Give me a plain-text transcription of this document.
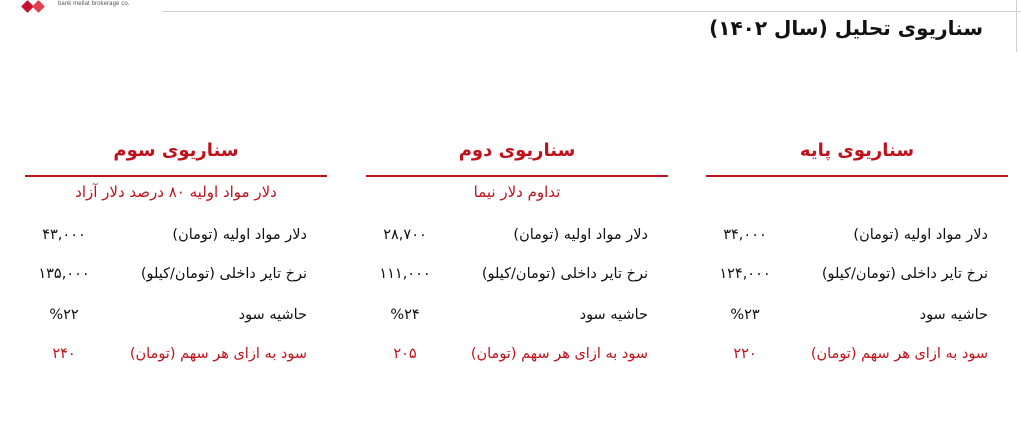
bank mellat brokerage co.
سناریوی تحلیل (سال ۱۴۰۲)
سناریوی پایه
دلار مواد اولیه (تومان)
۳۴,۰۰۰
نرخ تایر داخلی (تومان/کیلو)
۱۲۴,۰۰۰
حاشیه سود
%۲۳
سود به ازای هر سهم (تومان)
۲۲۰
سناریوی دوم
تداوم دلار نیما
دلار مواد اولیه (تومان)
۲۸,۷۰۰
نرخ تایر داخلی (تومان/کیلو)
۱۱۱,۰۰۰
حاشیه سود
%۲۴
سود به ازای هر سهم (تومان)
۲۰۵
سناریوی سوم
دلار مواد اولیه ۸۰ درصد دلار آزاد
دلار مواد اولیه (تومان)
۴۳,۰۰۰
نرخ تایر داخلی (تومان/کیلو)
۱۳۵,۰۰۰
حاشیه سود
%۲۲
سود به ازای هر سهم (تومان)
۲۴۰
